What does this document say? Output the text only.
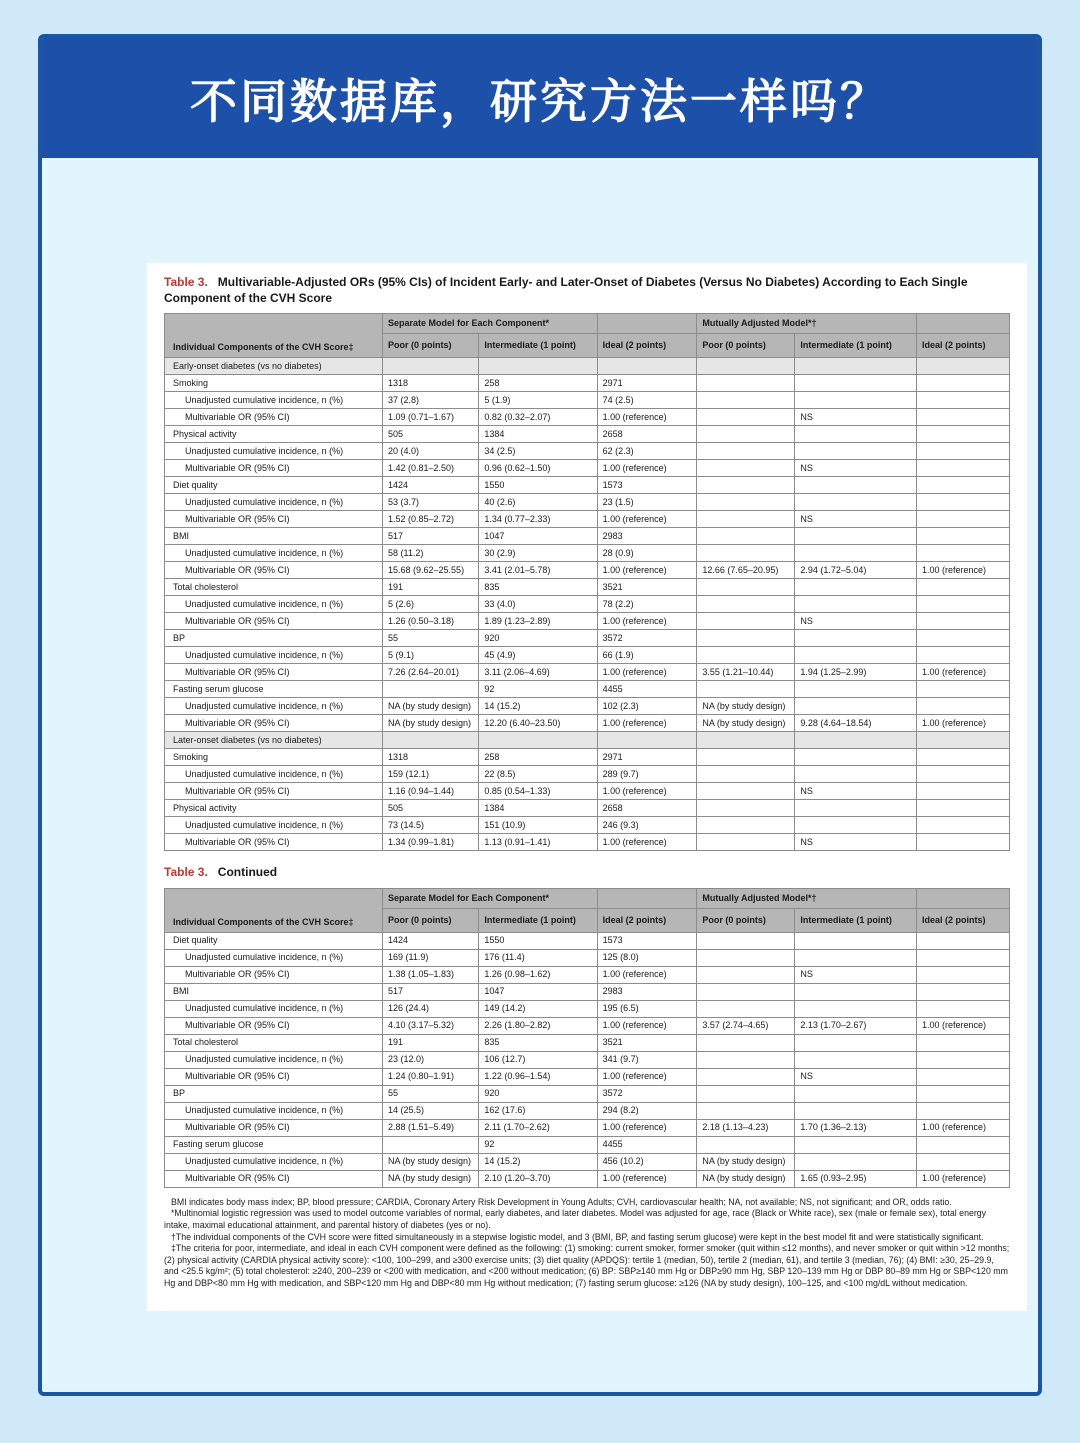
不同数据库，研究方法一样吗？
Table 3. Multivariable-Adjusted ORs (95% CIs) of Incident Early- and Later-Onset of Diabetes (Versus No Diabetes) According to Each Single Component of the CVH Score
Individual Components of the CVH Score‡	Separate Model for Each Component*			Mutually Adjusted Model*†		
	Poor (0 points)	Intermediate (1 point)	Ideal (2 points)	Poor (0 points)	Intermediate (1 point)	Ideal (2 points)
Early-onset diabetes (vs no diabetes)						
Smoking	1318	258	2971			
Unadjusted cumulative incidence, n (%)	37 (2.8)	5 (1.9)	74 (2.5)			
Multivariable OR (95% CI)	1.09 (0.71–1.67)	0.82 (0.32–2.07)	1.00 (reference)		NS	
Physical activity	505	1384	2658			
Unadjusted cumulative incidence, n (%)	20 (4.0)	34 (2.5)	62 (2.3)			
Multivariable OR (95% CI)	1.42 (0.81–2.50)	0.96 (0.62–1.50)	1.00 (reference)		NS	
Diet quality	1424	1550	1573			
Unadjusted cumulative incidence, n (%)	53 (3.7)	40 (2.6)	23 (1.5)			
Multivariable OR (95% CI)	1.52 (0.85–2.72)	1.34 (0.77–2.33)	1.00 (reference)		NS	
BMI	517	1047	2983			
Unadjusted cumulative incidence, n (%)	58 (11.2)	30 (2.9)	28 (0.9)			
Multivariable OR (95% CI)	15.68 (9.62–25.55)	3.41 (2.01–5.78)	1.00 (reference)	12.66 (7.65–20.95)	2.94 (1.72–5.04)	1.00 (reference)
Total cholesterol	191	835	3521			
Unadjusted cumulative incidence, n (%)	5 (2.6)	33 (4.0)	78 (2.2)			
Multivariable OR (95% CI)	1.26 (0.50–3.18)	1.89 (1.23–2.89)	1.00 (reference)		NS	
BP	55	920	3572			
Unadjusted cumulative incidence, n (%)	5 (9.1)	45 (4.9)	66 (1.9)			
Multivariable OR (95% CI)	7.26 (2.64–20.01)	3.11 (2.06–4.69)	1.00 (reference)	3.55 (1.21–10.44)	1.94 (1.25–2.99)	1.00 (reference)
Fasting serum glucose		92	4455			
Unadjusted cumulative incidence, n (%)	NA (by study design)	14 (15.2)	102 (2.3)	NA (by study design)		
Multivariable OR (95% CI)	NA (by study design)	12.20 (6.40–23.50)	1.00 (reference)	NA (by study design)	9.28 (4.64–18.54)	1.00 (reference)
Later-onset diabetes (vs no diabetes)						
Smoking	1318	258	2971			
Unadjusted cumulative incidence, n (%)	159 (12.1)	22 (8.5)	289 (9.7)			
Multivariable OR (95% CI)	1.16 (0.94–1.44)	0.85 (0.54–1.33)	1.00 (reference)		NS	
Physical activity	505	1384	2658			
Unadjusted cumulative incidence, n (%)	73 (14.5)	151 (10.9)	246 (9.3)			
Multivariable OR (95% CI)	1.34 (0.99–1.81)	1.13 (0.91–1.41)	1.00 (reference)		NS	
Table 3. Continued
Individual Components of the CVH Score‡	Separate Model for Each Component*			Mutually Adjusted Model*†		
	Poor (0 points)	Intermediate (1 point)	Ideal (2 points)	Poor (0 points)	Intermediate (1 point)	Ideal (2 points)
Diet quality	1424	1550	1573			
Unadjusted cumulative incidence, n (%)	169 (11.9)	176 (11.4)	125 (8.0)			
Multivariable OR (95% CI)	1.38 (1.05–1.83)	1.26 (0.98–1.62)	1.00 (reference)		NS	
BMI	517	1047	2983			
Unadjusted cumulative incidence, n (%)	126 (24.4)	149 (14.2)	195 (6.5)			
Multivariable OR (95% CI)	4.10 (3.17–5.32)	2.26 (1.80–2.82)	1.00 (reference)	3.57 (2.74–4.65)	2.13 (1.70–2.67)	1.00 (reference)
Total cholesterol	191	835	3521			
Unadjusted cumulative incidence, n (%)	23 (12.0)	106 (12.7)	341 (9.7)			
Multivariable OR (95% CI)	1.24 (0.80–1.91)	1.22 (0.96–1.54)	1.00 (reference)		NS	
BP	55	920	3572			
Unadjusted cumulative incidence, n (%)	14 (25.5)	162 (17.6)	294 (8.2)			
Multivariable OR (95% CI)	2.88 (1.51–5.49)	2.11 (1.70–2.62)	1.00 (reference)	2.18 (1.13–4.23)	1.70 (1.36–2.13)	1.00 (reference)
Fasting serum glucose		92	4455			
Unadjusted cumulative incidence, n (%)	NA (by study design)	14 (15.2)	456 (10.2)	NA (by study design)		
Multivariable OR (95% CI)	NA (by study design)	2.10 (1.20–3.70)	1.00 (reference)	NA (by study design)	1.65 (0.93–2.95)	1.00 (reference)

BMI indicates body mass index; BP, blood pressure; CARDIA, Coronary Artery Risk Development in Young Adults; CVH, cardiovascular health; NA, not available; NS, not significant; and OR, odds ratio.

*Multinomial logistic regression was used to model outcome variables of normal, early diabetes, and later diabetes. Model was adjusted for age, race (Black or White race), sex (male or female sex), total energy intake, maximal educational attainment, and parental history of diabetes (yes or no).

†The individual components of the CVH score were fitted simultaneously in a stepwise logistic model, and 3 (BMI, BP, and fasting serum glucose) were kept in the best model fit and were statistically significant.

‡The criteria for poor, intermediate, and ideal in each CVH component were defined as the following: (1) smoking: current smoker, former smoker (quit within ≤12 months), and never smoker or quit within >12 months; (2) physical activity (CARDIA physical activity score): <100, 100–299, and ≥300 exercise units; (3) diet quality (APDQS): tertile 1 (median, 50), tertile 2 (median, 61), and tertile 3 (median, 76); (4) BMI: ≥30, 25–29.9, and <25.5 kg/m²; (5) total cholesterol: ≥240, 200–239 or <200 with medication, and <200 without medication; (6) BP: SBP≥140 mm Hg or DBP≥90 mm Hg, SBP 120–139 mm Hg or DBP 80–89 mm Hg or SBP<120 mm Hg and DBP<80 mm Hg with medication, and SBP<120 mm Hg and DBP<80 mm Hg without medication; (7) fasting serum glucose: ≥126 (NA by study design), 100–125, and <100 mg/dL without medication.
